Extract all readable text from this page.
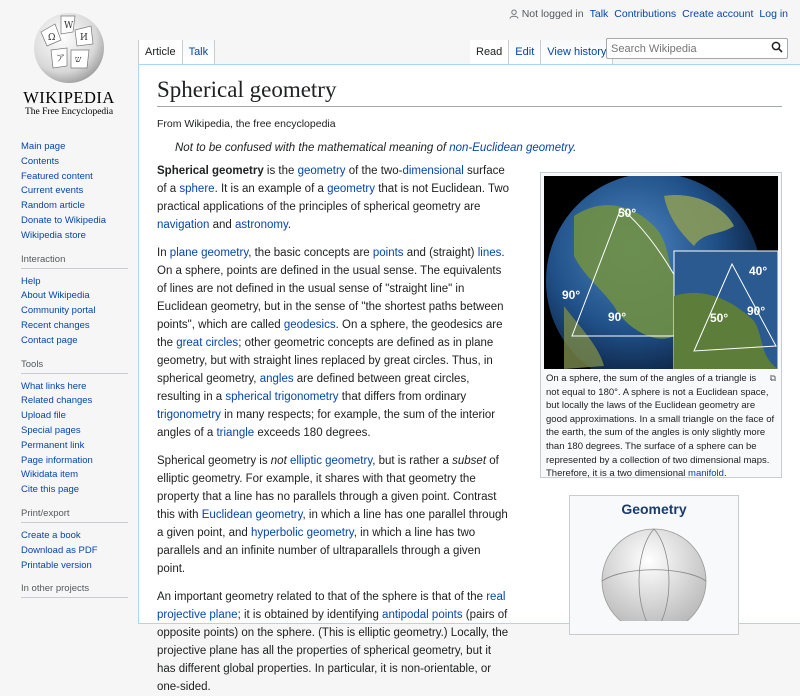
Not logged in Talk Contributions Create account Log in
Ω
W
И
ア ש
WIKIPEDIA
The Free Encyclopedia
Article	Talk	Read	Edit	View history
Search Wikipedia
Main page
Contents
Featured content
Current events
Random article
Donate to Wikipedia
Wikipedia store
Interaction
Help
About Wikipedia
Community portal
Recent changes
Contact page
Tools
What links here
Related changes
Upload file
Special pages
Permanent link
Page information
Wikidata item
Cite this page
Print/export
Create a book
Download as PDF
Printable version
In other projects
Spherical geometry
From Wikipedia, the free encyclopedia
Not to be confused with the mathematical meaning of non-Euclidean geometry.

Spherical geometry is the geometry of the two-dimensional surface of a sphere. It is an example of a geometry that is not Euclidean. Two practical applications of the principles of spherical geometry are navigation and astronomy.

In plane geometry, the basic concepts are points and (straight) lines. On a sphere, points are defined in the usual sense. The equivalents of lines are not defined in the usual sense of "straight line" in Euclidean geometry, but in the sense of "the shortest paths between points", which are called geodesics. On a sphere, the geodesics are the great circles; other geometric concepts are defined as in plane geometry, but with straight lines replaced by great circles. Thus, in spherical geometry, angles are defined between great circles, resulting in a spherical trigonometry that differs from ordinary trigonometry in many respects; for example, the sum of the interior angles of a triangle exceeds 180 degrees.

Spherical geometry is not elliptic geometry, but is rather a subset of elliptic geometry. For example, it shares with that geometry the property that a line has no parallels through a given point. Contrast this with Euclidean geometry, in which a line has one parallel through a given point, and hyperbolic geometry, in which a line has two parallels and an infinite number of ultraparallels through a given point.

An important geometry related to that of the sphere is that of the real projective plane; it is obtained by identifying antipodal points (pairs of opposite points) on the sphere. (This is elliptic geometry.) Locally, the projective plane has all the properties of spherical geometry, but it has different global properties. In particular, it is non-orientable, or one-sided.

50°
90°
90°
40°
50° 90°
⧉
On a sphere, the sum of the angles of a triangle is not equal to 180°. A sphere is not a Euclidean space, but locally the laws of the Euclidean geometry are good approximations. In a small triangle on the face of the earth, the sum of the angles is only slightly more than 180 degrees. The surface of a sphere can be represented by a collection of two dimensional maps. Therefore, it is a two dimensional manifold.
Geometry
